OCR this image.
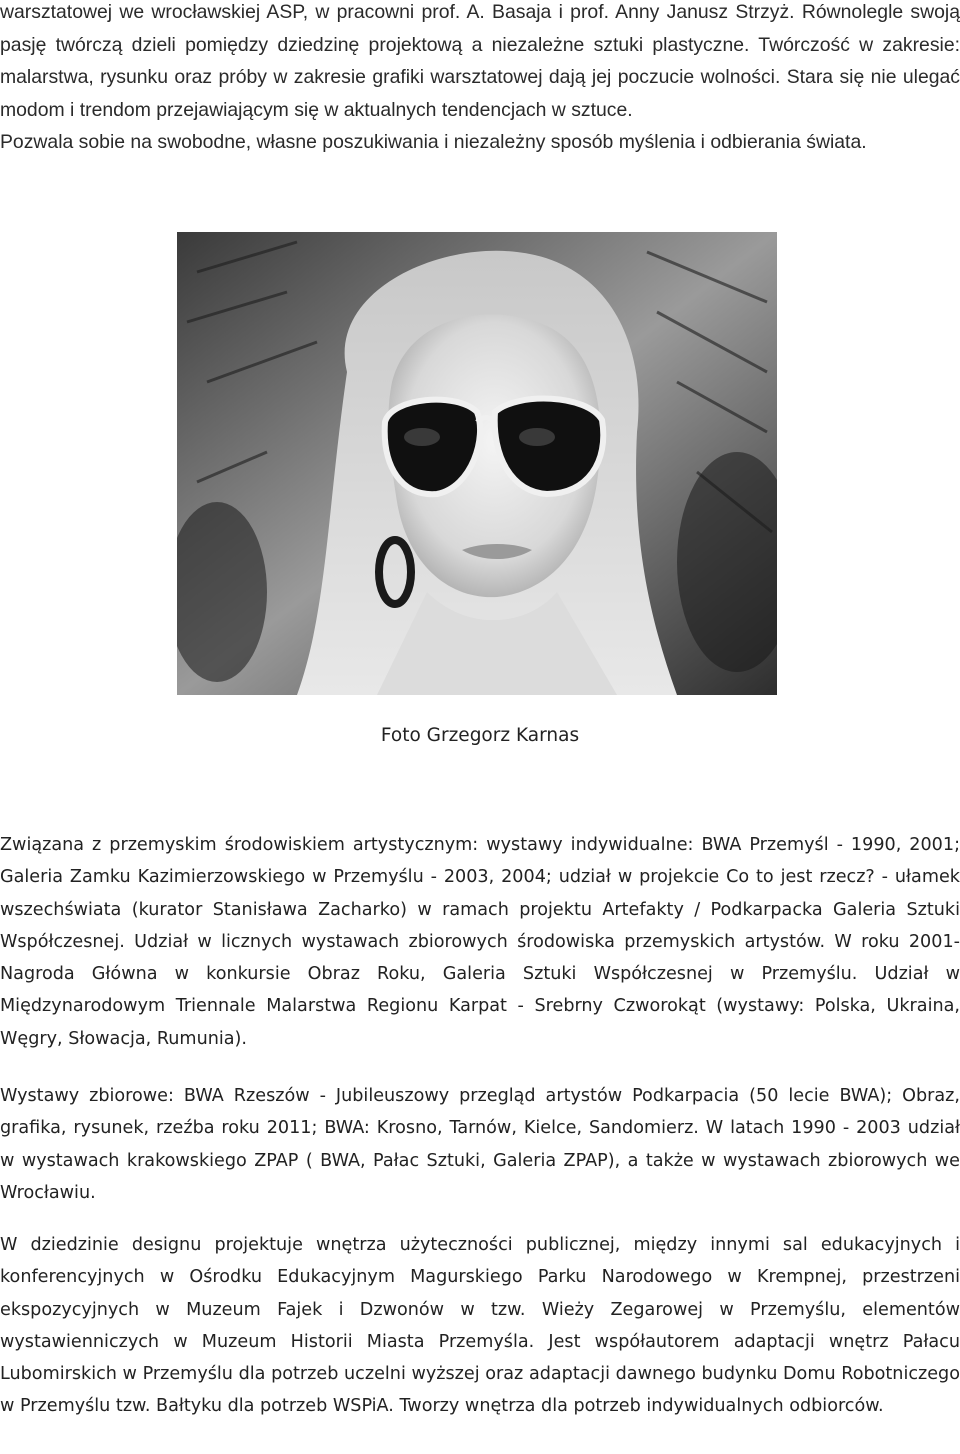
warsztatowej we wrocławskiej ASP, w pracowni prof. A. Basaja i prof. Anny Janusz Strzyż. Równolegle swoją pasję twórczą dzieli pomiędzy dziedzinę projektową a niezależne sztuki plastyczne. Twórczość w zakresie: malarstwa, rysunku oraz próby w zakresie grafiki warsztatowej dają jej poczucie wolności. Stara się nie ulegać modom i trendom przejawiającym się w aktualnych tendencjach w sztuce.

Pozwala sobie na swobodne, własne poszukiwania i niezależny sposób myślenia i odbierania świata.

Foto Grzegorz Karnas

Związana z przemyskim środowiskiem artystycznym: wystawy indywidualne: BWA Przemyśl - 1990, 2001; Galeria Zamku Kazimierzowskiego w Przemyślu - 2003, 2004; udział w projekcie Co to jest rzecz? - ułamek wszechświata (kurator Stanisława Zacharko) w ramach projektu Artefakty / Podkarpacka Galeria Sztuki Współczesnej. Udział w licznych wystawach zbiorowych środowiska przemyskich artystów. W roku 2001- Nagroda Główna w konkursie Obraz Roku, Galeria Sztuki Współczesnej w Przemyślu. Udział w Międzynarodowym Triennale Malarstwa Regionu Karpat - Srebrny Czworokąt (wystawy: Polska, Ukraina, Węgry, Słowacja, Rumunia).

Wystawy zbiorowe: BWA Rzeszów - Jubileuszowy przegląd artystów Podkarpacia (50 lecie BWA); Obraz, grafika, rysunek, rzeźba roku 2011; BWA: Krosno, Tarnów, Kielce, Sandomierz. W latach 1990 - 2003 udział w wystawach krakowskiego ZPAP ( BWA, Pałac Sztuki, Galeria ZPAP), a także w wystawach zbiorowych we Wrocławiu.

W dziedzinie designu projektuje wnętrza użyteczności publicznej, między innymi sal edukacyjnych i konferencyjnych w Ośrodku Edukacyjnym Magurskiego Parku Narodowego w Krempnej, przestrzeni ekspozycyjnych w Muzeum Fajek i Dzwonów w tzw. Wieży Zegarowej w Przemyślu, elementów wystawienniczych w Muzeum Historii Miasta Przemyśla. Jest współautorem adaptacji wnętrz Pałacu Lubomirskich w Przemyślu dla potrzeb uczelni wyższej oraz adaptacji dawnego budynku Domu Robotniczego w Przemyślu tzw. Bałtyku dla potrzeb WSPiA. Tworzy wnętrza dla potrzeb indywidualnych odbiorców.
